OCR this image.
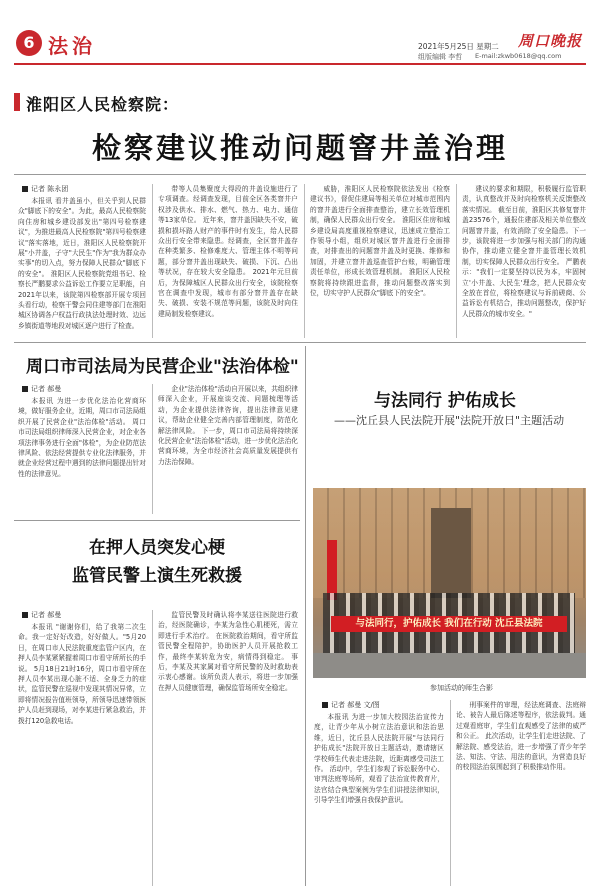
6 法治	2021年5月25日 星期二
组版编辑 李哲
周口晚报
E-mail:zkwb0618@qq.com
淮阳区人民检察院：
检察建议推动问题窨井盖治理
记者 陈永团

本报讯 看井盖虽小，但关乎到人民群众"脚底下的安全"。为此，最高人民检察院向住房和城乡建设部发出"第四号检察建议"，为推进最高人民检察院"第四号检察建议"落实落地，近日，淮阳区人民检察院开展"小井盖，子守"大民生"作为"我为群众办实事"的切入点，努力保障人民群众"脚底下的安全"。 淮阳区人民检察院党组书记、检察长严鹏要求公益诉讼工作要立足职能，自2021年以来，该院第四检察部开展专项回头看行动，检察干警会同住建等部门在淮阳城区协调各户权益行政执法处理时效、边远乡镇街道等地段对城区逐户进行了检查。

带等人员集聚度大得段的井盖设施进行了专项调查。经调查发现，目前全区各类窨井户权涉及供水、排水、燃气、热力、电力、通信等13家单位。 近年来，窨井盖因缺失不安，破损和损坏路人财产的事件时有发生，给人民群众出行安全带来隐患。经调查，全区窨井盖存在种类繁多、检修难度大、管理主体不明等问题，部分窨井盖出现缺失、破损、下沉、凸出等状况，存在较大安全隐患。 2021年元旦前后，为保障城区人民群众出行安全，该院检察官在调查中发现，城市有部分窨井盖存在缺失、破损、安装不规范等问题，该院及时向住建局制发检察建议。

威胁，淮阳区人民检察院依法发出《检察建议书》，督促住建局等相关单位对城市范围内的窨井盖进行全面排查整治，建立长效管理机制，确保人民群众出行安全。 淮阳区住房和城乡建设局高度重视检察建议，迅速成立整治工作领导小组，组织对城区窨井盖进行全面排查，对排查出的问题窨井盖及时更换、维修和加固，并建立窨井盖巡查管护台账，明确管理责任单位，形成长效管理机制。 淮阳区人民检察院将持续跟进监督，推动问题整改落实到位，切实守护人民群众"脚底下的安全"。

建议的要求和期限，积极履行监管职责，认真整改并及时向检察机关反馈整改落实情况。 截至目前，淮阳区共修复窨井盖23576个，通报住建部及相关单位整改问题窨井盖，有效消除了安全隐患。下一步，该院将进一步加强与相关部门的沟通协作，推动建立健全窨井盖管理长效机制，切实保障人民群众出行安全。 严鹏表示："我们一定要坚持以民为本，牢固树立'小井盖、大民生'理念，把人民群众安全放在首位，将检察建议与诉前磋商、公益诉讼有机结合，推动问题整改，保护好人民群众的城市安全。"

周口市司法局为民营企业"法治体检"
记者 郝曼

本报讯 为进一步优化法治化营商环境，做好服务企业，近期，周口市司法局组织开展了民营企业"法治体检"活动。 周口市司法局组织律师深入民营企业，对企业各项法律事务进行全面"体检"，为企业防范法律风险、依法经营提供专业化法律服务，并就企业经营过程中遇到的法律问题提出针对性的法律意见。

企业"法治体检"活动自开展以来，共组织律师深入企业，开展座谈交流、问题梳理等活动，为企业提供法律咨询，提出法律意见建议，帮助企业健全完善内部管理制度，防范化解法律风险。 下一步，周口市司法局将持续深化民营企业"法治体检"活动，进一步优化法治化营商环境，为全市经济社会高质量发展提供有力法治保障。

在押人员突发心梗
监管民警上演生死救援
记者 郝曼

本报讯 "谢谢你们，给了我第二次生命。我一定好好改造，好好做人。"5月20日，在周口市人民法院重度监管户区内，在押人员李某紧紧握着周口市看守所所长的手说。 5月18日21时16分，周口市看守所在押人员李某出现心脏不适、全身乏力的症状，监管民警在巡视中发现其情况异常，立即将情况报告值班领导，所领导迅速带领医护人员赶到现场，对李某进行紧急救治，并拨打120急救电话。

监管民警及时确认将李某送往医院进行救治，经医院确诊，李某为急性心肌梗死，需立即进行手术治疗。 在医院救治期间，看守所监管民警全程陪护，协助医护人员开展抢救工作，最终李某转危为安，病情得到稳定。 事后，李某及其家属对看守所民警的及时救助表示衷心感谢。该所负责人表示，将进一步加强在押人员健康管理，确保监管场所安全稳定。

与法同行 护佑成长
——沈丘县人民法院开展"法院开放日"主题活动
与法同行，护佑成长 我们在行动 沈丘县法院
参加活动的师生合影
记者 郝曼 文/图

本报讯 为进一步加大校园法治宣传力度，让青少年从小树立法治意识和法治思维，近日，沈丘县人民法院开展"与法同行 护佑成长"法院开放日主题活动，邀请辖区学校师生代表走进法院，近距离感受司法工作。 活动中，学生们参观了诉讼服务中心、审判法庭等场所，观看了法治宣传教育片，法官结合典型案例为学生们讲授法律知识，引导学生们增强自我保护意识。

刑事案件的审理，经法庭调查、法庭辩论、被告人最后陈述等程序，依法裁判。通过观看庭审，学生们直观感受了法律的威严和公正。 此次活动，让学生们走进法院、了解法院、感受法治，进一步增强了青少年学法、知法、守法、用法的意识，为营造良好的校园法治氛围起到了积极推动作用。
